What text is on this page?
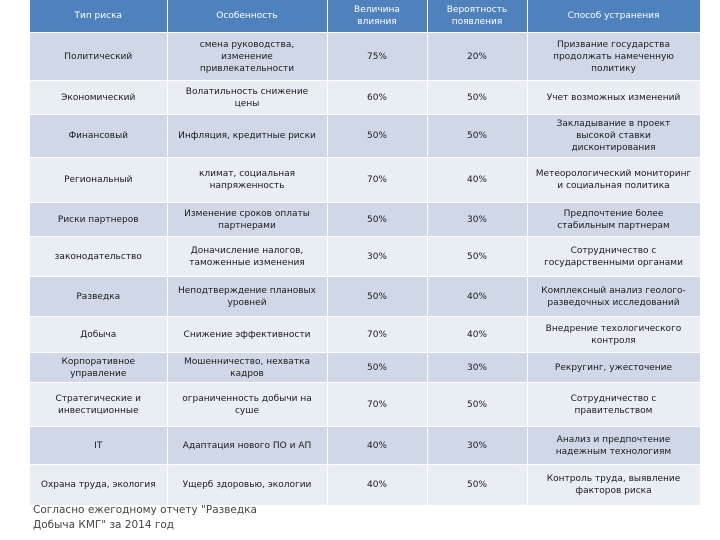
Тип риска	Особенность	Величина влияния	Вероятность появления	Способ устранения
Политический	смена руководства, изменение привлекательности	75%	20%	Призвание государства продолжать намеченную политику
Экономический	Волатильность снижение цены	60%	50%	Учет возможных изменений
Финансовый	Инфляция, кредитные риски	50%	50%	Закладывание в проект высокой ставки дисконтирования
Региональный	климат, социальная напряженность	70%	40%	Метеорологический мониторинг и социальная политика
Риски партнеров	Изменение сроков оплаты партнерами	50%	30%	Предпочтение более стабильным партнерам
законодательство	Доначисление налогов, таможенные изменения	30%	50%	Сотрудничество с государственными органами
Разведка	Неподтверждение плановых уровней	50%	40%	Комплексный анализ геолого-разведочных исследований
Добыча	Снижение эффективности	70%	40%	Внедрение техологического контроля
Корпоративное управление	Мошенничество, нехватка кадров	50%	30%	Рекругинг, ужесточение
Стратегические и инвестиционные	ограниченность добычи на суше	70%	50%	Сотрудничество с правительством
IT	Адаптация нового ПО и АП	40%	30%	Анализ и предпочтение надежным технологиям
Охрана труда, экология	Ущерб здоровью, экологии	40%	50%	Контроль труда, выявление факторов риска
Согласно ежегодному отчету "Разведка Добыча КМГ" за 2014 год
